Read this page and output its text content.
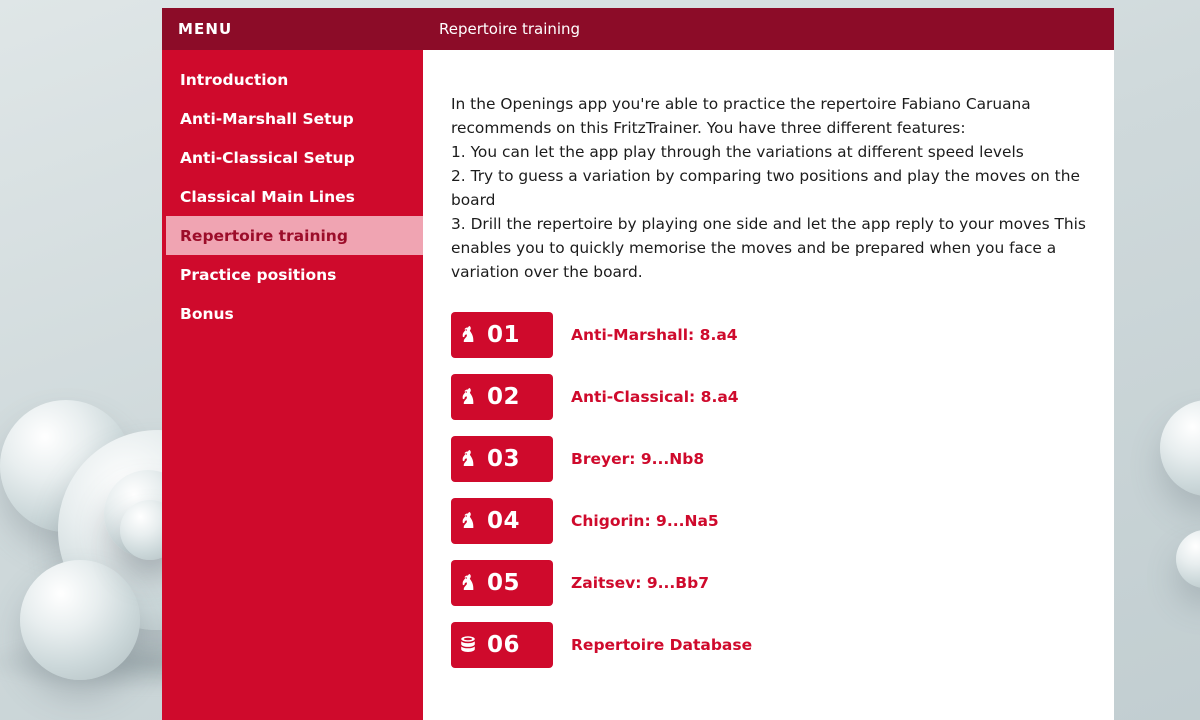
MENU
Introduction
Anti-Marshall Setup
Anti-Classical Setup
Classical Main Lines
Repertoire training
Practice positions
Bonus
Repertoire training

In the Openings app you're able to practice the repertoire Fabiano Caruana recommends on this FritzTrainer. You have three different features:

1. You can let the app play through the variations at different speed levels

2. Try to guess a variation by comparing two positions and play the moves on the board

3. Drill the repertoire by playing one side and let the app reply to your moves This enables you to quickly memorise the moves and be prepared when you face a variation over the board.

01	Anti-Marshall: 8.a4
02	Anti-Classical: 8.a4
03	Breyer: 9...Nb8
04	Chigorin: 9...Na5
05	Zaitsev: 9...Bb7
06	Repertoire Database
